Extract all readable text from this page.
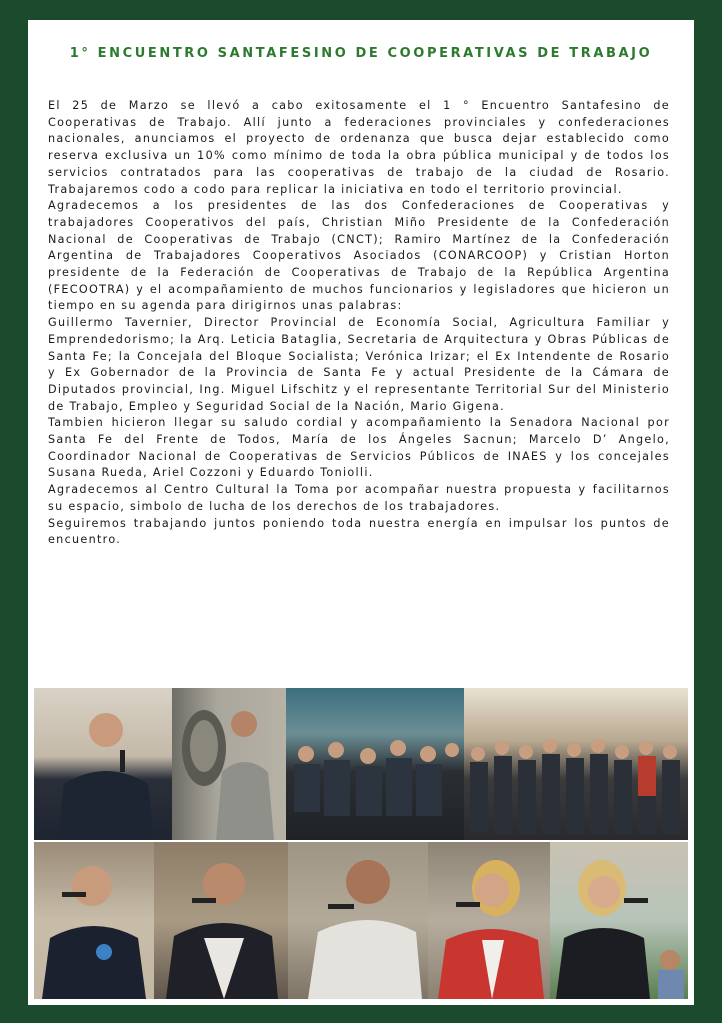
1° ENCUENTRO SANTAFESINO DE COOPERATIVAS DE TRABAJO

El 25 de Marzo se llevó a cabo exitosamente el 1 ° Encuentro Santafesino de Cooperativas de Trabajo. Allí junto a federaciones provinciales y confederaciones nacionales, anunciamos el proyecto de ordenanza que busca dejar establecido como reserva exclusiva un 10% como mínimo de toda la obra pública municipal y de todos los servicios contratados para las cooperativas de trabajo de la ciudad de Rosario. Trabajaremos codo a codo para replicar la iniciativa en todo el territorio provincial.

Agradecemos a los presidentes de las dos Confederaciones de Cooperativas y trabajadores Cooperativos del país, Christian Miño Presidente de la Confederación Nacional de Cooperativas de Trabajo (CNCT); Ramiro Martínez de la Confederación Argentina de Trabajadores Cooperativos Asociados (CONARCOOP) y Cristian Horton presidente de la Federación de Cooperativas de Trabajo de la República Argentina (FECOOTRA) y el acompañamiento de muchos funcionarios y legisladores que hicieron un tiempo en su agenda para dirigirnos unas palabras:

Guillermo Tavernier, Director Provincial de Economía Social, Agricultura Familiar y Emprendedorismo; la Arq. Leticia Bataglia, Secretaria de Arquitectura y Obras Públicas de Santa Fe; la Concejala del Bloque Socialista; Verónica Irizar; el Ex Intendente de Rosario y Ex Gobernador de la Provincia de Santa Fe y actual Presidente de la Cámara de Diputados provincial, Ing. Miguel Lifschitz y el representante Territorial Sur del Ministerio de Trabajo, Empleo y Seguridad Social de la Nación, Mario Gigena.

Tambien hicieron llegar su saludo cordial y acompañamiento la Senadora Nacional por Santa Fe del Frente de Todos, María de los Ángeles Sacnun; Marcelo D’ Angelo, Coordinador Nacional de Cooperativas de Servicios Públicos de INAES y los concejales Susana Rueda, Ariel Cozzoni y Eduardo Toniolli.

Agradecemos al Centro Cultural la Toma por acompañar nuestra propuesta y facilitarnos su espacio, simbolo de lucha de los derechos de los trabajadores.

Seguiremos trabajando juntos poniendo toda nuestra energía en impulsar los puntos de encuentro.
